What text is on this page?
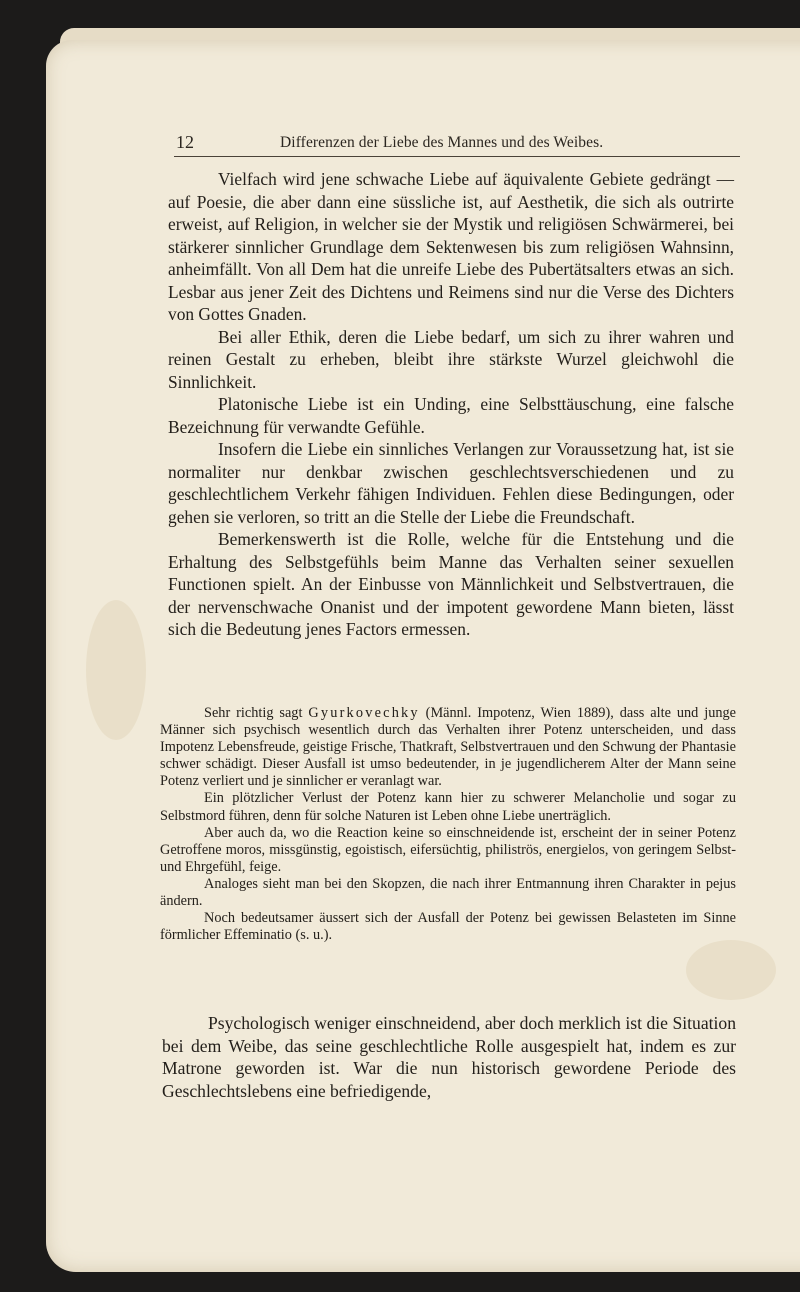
12	Differenzen der Liebe des Mannes und des Weibes.

Vielfach wird jene schwache Liebe auf äquivalente Gebiete gedrängt — auf Poesie, die aber dann eine süssliche ist, auf Aesthetik, die sich als outrirte erweist, auf Religion, in welcher sie der Mystik und religiösen Schwärmerei, bei stärkerer sinnlicher Grundlage dem Sektenwesen bis zum religiösen Wahnsinn, anheimfällt. Von all Dem hat die unreife Liebe des Pubertätsalters etwas an sich. Lesbar aus jener Zeit des Dichtens und Reimens sind nur die Verse des Dichters von Gottes Gnaden.

Bei aller Ethik, deren die Liebe bedarf, um sich zu ihrer wahren und reinen Gestalt zu erheben, bleibt ihre stärkste Wurzel gleichwohl die Sinnlichkeit.

Platonische Liebe ist ein Unding, eine Selbsttäuschung, eine falsche Bezeichnung für verwandte Gefühle.

Insofern die Liebe ein sinnliches Verlangen zur Voraussetzung hat, ist sie normaliter nur denkbar zwischen geschlechtsverschiedenen und zu geschlechtlichem Verkehr fähigen Individuen. Fehlen diese Bedingungen, oder gehen sie verloren, so tritt an die Stelle der Liebe die Freundschaft.

Bemerkenswerth ist die Rolle, welche für die Entstehung und die Erhaltung des Selbstgefühls beim Manne das Verhalten seiner sexuellen Functionen spielt. An der Einbusse von Männlichkeit und Selbstvertrauen, die der nervenschwache Onanist und der impotent gewordene Mann bieten, lässt sich die Bedeutung jenes Factors ermessen.

Sehr richtig sagt Gyurkovechky (Männl. Impotenz, Wien 1889), dass alte und junge Männer sich psychisch wesentlich durch das Verhalten ihrer Potenz unterscheiden, und dass Impotenz Lebensfreude, geistige Frische, Thatkraft, Selbstvertrauen und den Schwung der Phantasie schwer schädigt. Dieser Ausfall ist umso bedeutender, in je jugendlicherem Alter der Mann seine Potenz verliert und je sinnlicher er veranlagt war.

Ein plötzlicher Verlust der Potenz kann hier zu schwerer Melancholie und sogar zu Selbstmord führen, denn für solche Naturen ist Leben ohne Liebe unerträglich.

Aber auch da, wo die Reaction keine so einschneidende ist, erscheint der in seiner Potenz Getroffene moros, missgünstig, egoistisch, eifersüchtig, philiströs, energielos, von geringem Selbst- und Ehrgefühl, feige.

Analoges sieht man bei den Skopzen, die nach ihrer Entmannung ihren Charakter in pejus ändern.

Noch bedeutsamer äussert sich der Ausfall der Potenz bei gewissen Belasteten im Sinne förmlicher Effeminatio (s. u.).

Psychologisch weniger einschneidend, aber doch merklich ist die Situation bei dem Weibe, das seine geschlechtliche Rolle ausgespielt hat, indem es zur Matrone geworden ist. War die nun historisch gewordene Periode des Geschlechtslebens eine befriedigende,
